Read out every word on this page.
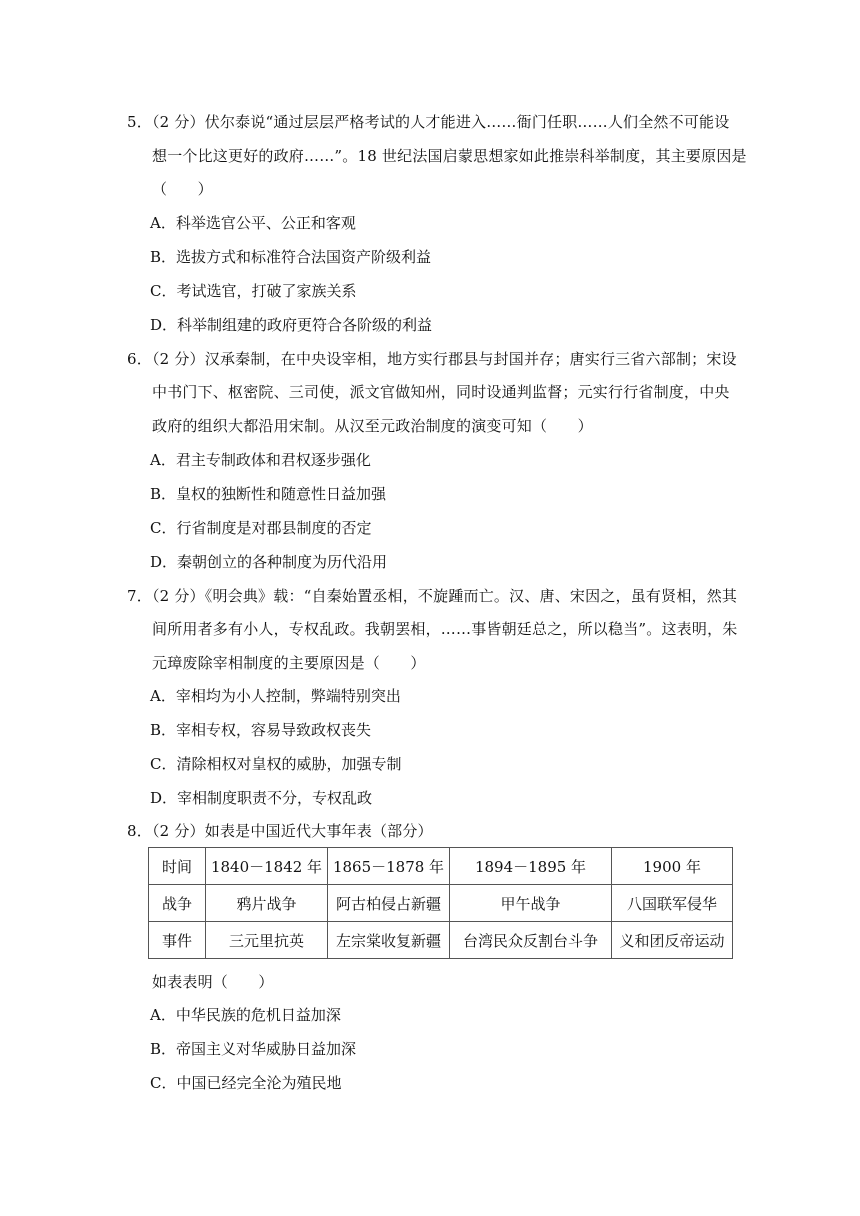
5．（2 分）伏尔泰说“通过层层严格考试的人才能进入……衙门任职……人们全然不可能设
想一个比这更好的政府……”。18 世纪法国启蒙思想家如此推崇科举制度，其主要原因是
（　　）
A．科举选官公平、公正和客观
B．选拔方式和标准符合法国资产阶级利益
C．考试选官，打破了家族关系
D．科举制组建的政府更符合各阶级的利益
6．（2 分）汉承秦制，在中央设宰相，地方实行郡县与封国并存；唐实行三省六部制；宋设
中书门下、枢密院、三司使，派文官做知州，同时设通判监督；元实行行省制度，中央
政府的组织大都沿用宋制。从汉至元政治制度的演变可知（　　）
A．君主专制政体和君权逐步强化
B．皇权的独断性和随意性日益加强
C．行省制度是对郡县制度的否定
D．秦朝创立的各种制度为历代沿用
7．（2 分）《明会典》载：“自秦始置丞相，不旋踵而亡。汉、唐、宋因之，虽有贤相，然其
间所用者多有小人，专权乱政。我朝罢相，……事皆朝廷总之，所以稳当”。这表明，朱
元璋废除宰相制度的主要原因是（　　）
A．宰相均为小人控制，弊端特别突出
B．宰相专权，容易导致政权丧失
C．清除相权对皇权的威胁，加强专制
D．宰相制度职责不分，专权乱政
8．（2 分）如表是中国近代大事年表（部分）
时间	1840－1842 年	1865－1878 年	1894－1895 年	1900 年
战争	鸦片战争	阿古柏侵占新疆	甲午战争	八国联军侵华
事件	三元里抗英	左宗棠收复新疆	台湾民众反割台斗争	义和团反帝运动
如表表明（　　）
A．中华民族的危机日益加深
B．帝国主义对华威胁日益加深
C．中国已经完全沦为殖民地
